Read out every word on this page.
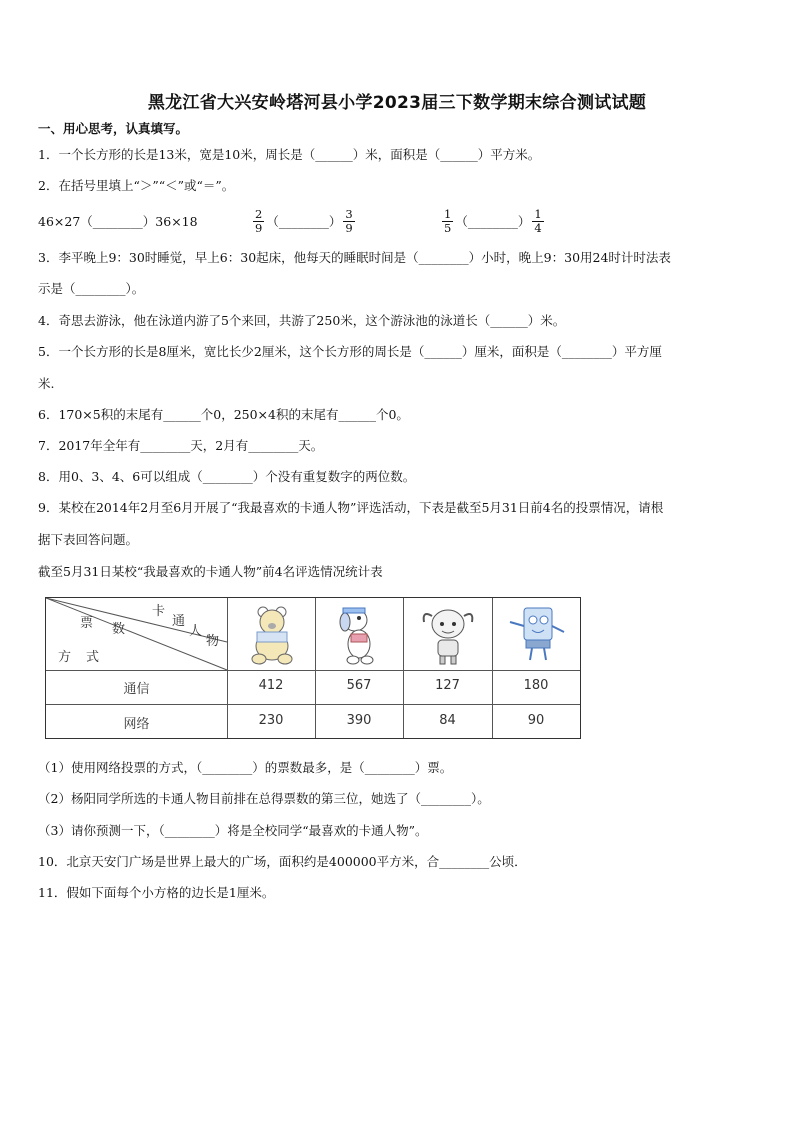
黑龙江省大兴安岭塔河县小学2023届三下数学期末综合测试试题
一、用心思考，认真填写。
1．一个长方形的长是13米，宽是10米，周长是（______）米，面积是（______）平方米。
2．在括号里填上“＞”“＜”或“＝”。
46×27（________）36×18	$\frac{2}{9}$ （________） $\frac{3}{9}$	$\frac{1}{5}$ （________） $\frac{1}{4}$
3．李平晚上9：30时睡觉，早上6：30起床，他每天的睡眠时间是（________）小时，晚上9：30用24时计时法表
示是（________）。
4．奇思去游泳，他在泳道内游了5个来回，共游了250米，这个游泳池的泳道长（______）米。
5．一个长方形的长是8厘米，宽比长少2厘米，这个长方形的周长是（______）厘米，面积是（________）平方厘
米.
6．170×5积的末尾有______个0，250×4积的末尾有______个0。
7．2017年全年有________天，2月有________天。
8．用0、3、4、6可以组成（________）个没有重复数字的两位数。
9．某校在2014年2月至6月开展了“我最喜欢的卡通人物”评选活动，下表是截至5月31日前4名的投票情况，请根
据下表回答问题。
截至5月31日某校“我最喜欢的卡通人物”前4名评选情况统计表
卡
通
人
物
票 数
方 式
通信	412	567	127	180
网络	230	390	84	90
（1）使用网络投票的方式，（________）的票数最多，是（________）票。
（2）杨阳同学所选的卡通人物目前排在总得票数的第三位，她选了（________）。
（3）请你预测一下，（________）将是全校同学“最喜欢的卡通人物”。
10．北京天安门广场是世界上最大的广场，面积约是400000平方米，合________公顷．
11．假如下面每个小方格的边长是1厘米。
